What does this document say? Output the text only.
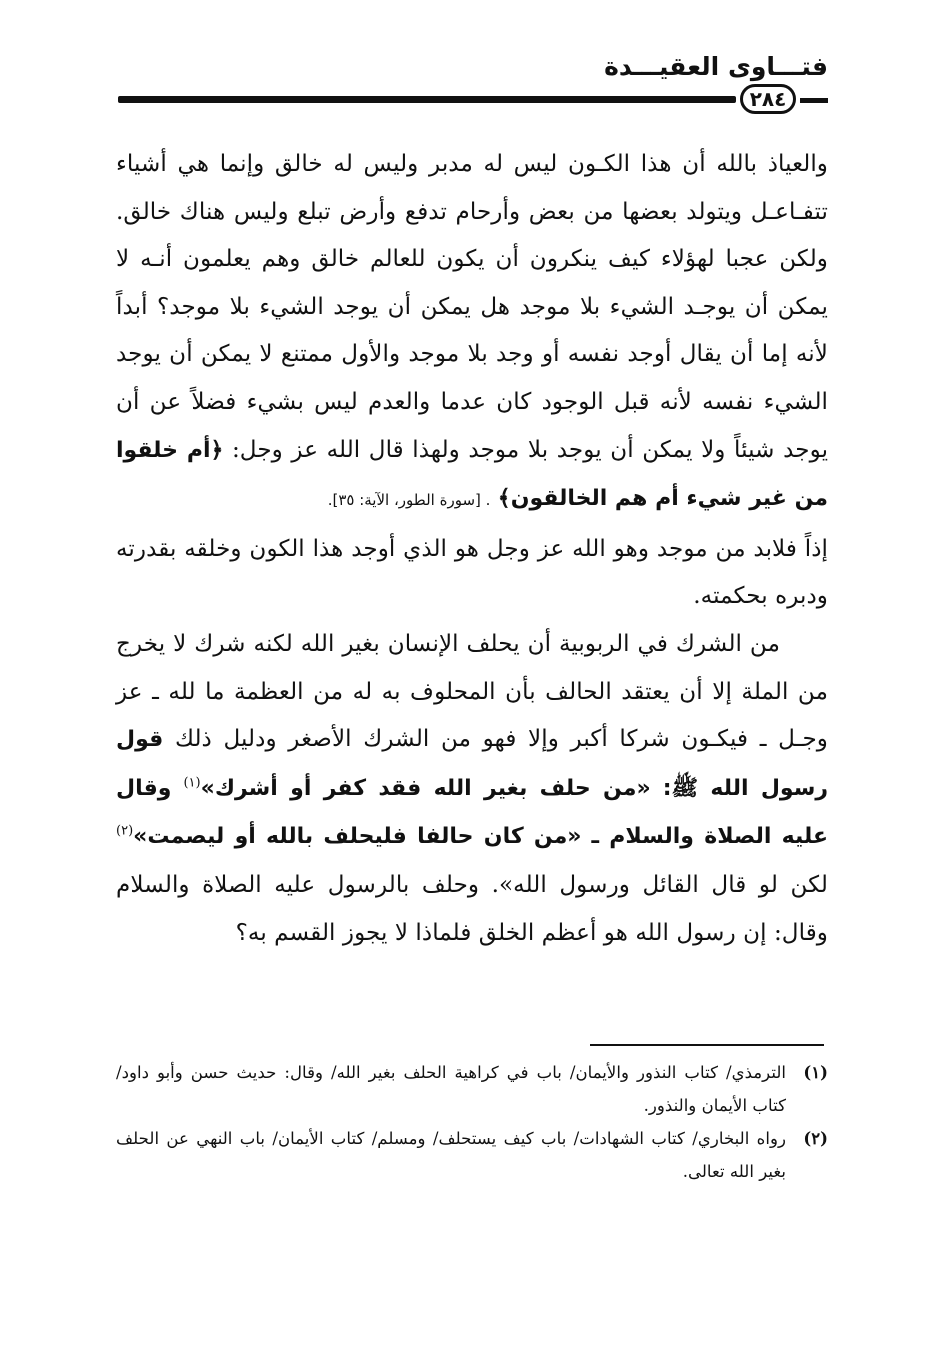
فتـــاوى العقيـــدة
٢٨٤

والعياذ بالله أن هذا الكـون ليس له مدبر وليس له خالق وإنما هي أشياء تتفـاعـل ويتولد بعضها من بعض وأرحام تدفع وأرض تبلع وليس هناك خالق. ولكن عجبا لهؤلاء كيف ينكرون أن يكون للعالم خالق وهم يعلمون أنـه لا يمكن أن يوجـد الشيء بلا موجد هل يمكن أن يوجد الشيء بلا موجد؟ أبداً لأنه إما أن يقال أوجد نفسه أو وجد بلا موجد والأول ممتنع لا يمكن أن يوجد الشيء نفسه لأنه قبل الوجود كان عدما والعدم ليس بشيء فضلاً عن أن يوجد شيئاً ولا يمكن أن يوجد بلا موجد ولهذا قال الله عز وجل: ﴿أم خلقوا من غير شيء أم هم الخالقون﴾ . [سورة الطور، الآية: ٣٥].

إذاً فلابد من موجد وهو الله عز وجل هو الذي أوجد هذا الكون وخلقه بقدرته ودبره بحكمته.

من الشرك في الربوبية أن يحلف الإنسان بغير الله لكنه شرك لا يخرج من الملة إلا أن يعتقد الحالف بأن المحلوف به له من العظمة ما لله ـ عز وجـل ـ فيكـون شركا أكبر وإلا فهو من الشرك الأصغر ودليل ذلك قول رسول الله ﷺ: «من حلف بغير الله فقد كفر أو أشرك»$^{(١)}$ وقال عليه الصلاة والسلام ـ «من كان حالفا فليحلف بالله أو ليصمت»$^{(٢)}$ لكن لو قال القائل ورسول الله». وحلف بالرسول عليه الصلاة والسلام وقال: إن رسول الله هو أعظم الخلق فلماذا لا يجوز القسم به؟

(١)
الترمذي/ كتاب النذور والأيمان/ باب في كراهية الحلف بغير الله/ وقال: حديث حسن وأبو داود/ كتاب الأيمان والنذور.
(٢)
رواه البخاري/ كتاب الشهادات/ باب كيف يستحلف/ ومسلم/ كتاب الأيمان/ باب النهي عن الحلف بغير الله تعالى.
